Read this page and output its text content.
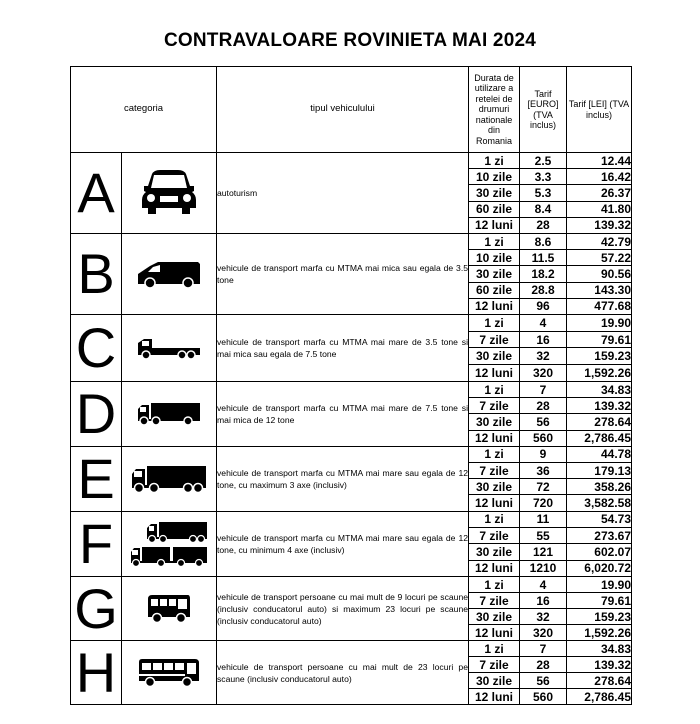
CONTRAVALOARE ROVINIETA MAI 2024
categoria		tipul vehiculului	Durata de utilizare a retelei de drumuri nationale din Romania	Tarif [EURO] (TVA inclus)	Tarif [LEI] (TVA inclus)
A		autoturism	1 zi	2.5	12.44
			10 zile	3.3	16.42
			30 zile	5.3	26.37
			60 zile	8.4	41.80
			12 luni	28	139.32
B		vehicule de transport marfa cu MTMA mai mica sau egala de 3.5 tone	1 zi	8.6	42.79
			10 zile	11.5	57.22
			30 zile	18.2	90.56
			60 zile	28.8	143.30
			12 luni	96	477.68
C		vehicule de transport marfa cu MTMA mai mare de 3.5 tone si mai mica sau egala de 7.5 tone	1 zi	4	19.90
			7 zile	16	79.61
			30 zile	32	159.23
			12 luni	320	1,592.26
D		vehicule de transport marfa cu MTMA mai mare de 7.5 tone si mai mica de 12 tone	1 zi	7	34.83
			7 zile	28	139.32
			30 zile	56	278.64
			12 luni	560	2,786.45
E		vehicule de transport marfa cu MTMA mai mare sau egala de 12 tone, cu maximum 3 axe (inclusiv)	1 zi	9	44.78
			7 zile	36	179.13
			30 zile	72	358.26
			12 luni	720	3,582.58
F		vehicule de transport marfa cu MTMA mai mare sau egala de 12 tone, cu minimum 4 axe (inclusiv)	1 zi	11	54.73
			7 zile	55	273.67
			30 zile	121	602.07
			12 luni	1210	6,020.72
G		vehicule de transport persoane cu mai mult de 9 locuri pe scaune (inclusiv conducatorul auto) si maximum 23 locuri pe scaune (inclusiv conducatorul auto)	1 zi	4	19.90
			7 zile	16	79.61
			30 zile	32	159.23
			12 luni	320	1,592.26
H		vehicule de transport persoane cu mai mult de 23 locuri pe scaune (inclusiv conducatorul auto)	1 zi	7	34.83
			7 zile	28	139.32
			30 zile	56	278.64
			12 luni	560	2,786.45
